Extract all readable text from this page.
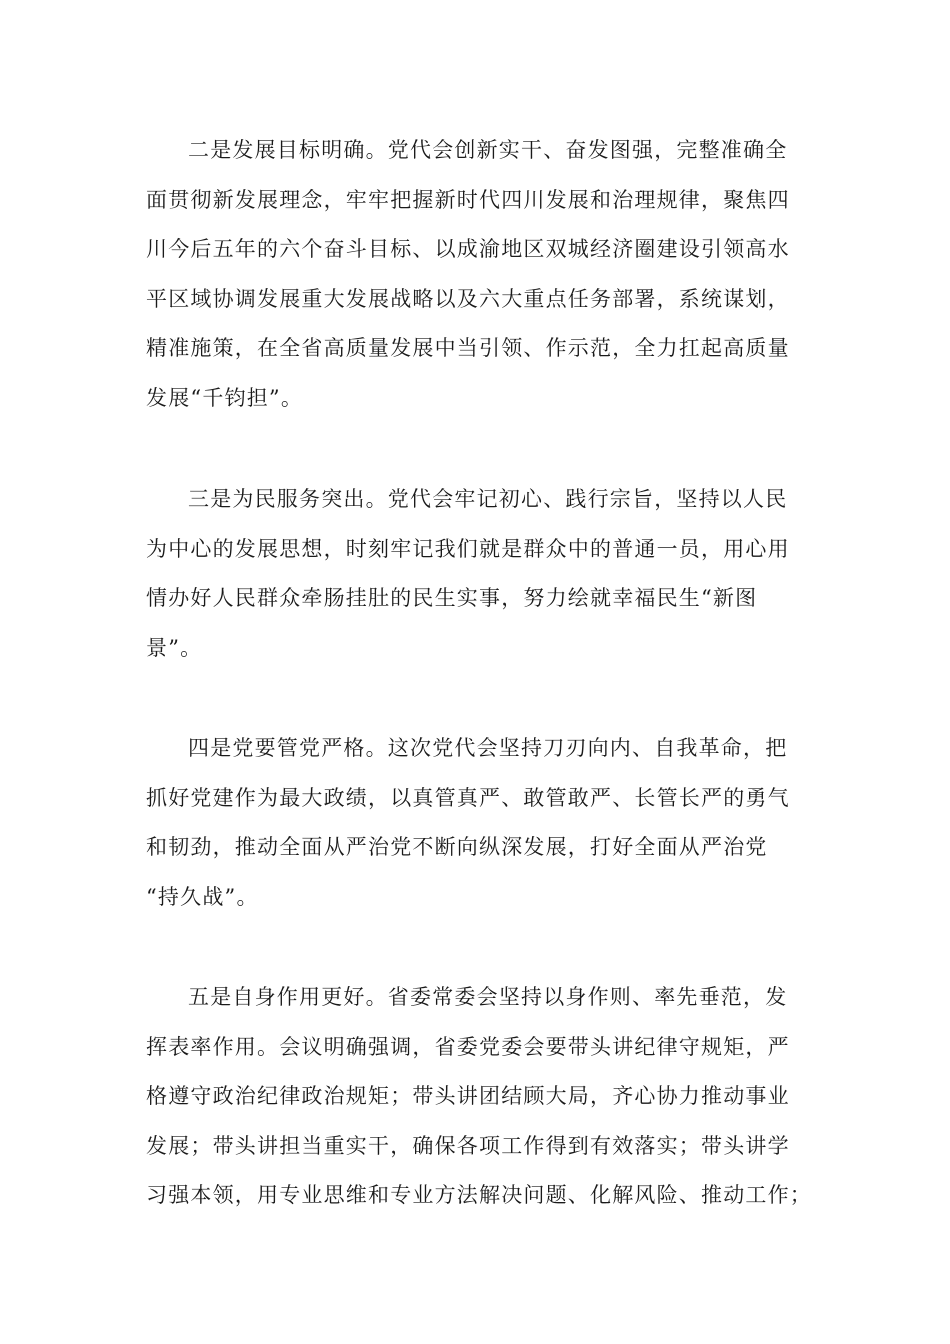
二是发展目标明确。党代会创新实干、奋发图强，完整准确全
面贯彻新发展理念，牢牢把握新时代四川发展和治理规律，聚焦四
川今后五年的六个奋斗目标、以成渝地区双城经济圈建设引领高水
平区域协调发展重大发展战略以及六大重点任务部署，系统谋划，
精准施策，在全省高质量发展中当引领、作示范，全力扛起高质量
发展“千钧担”。
三是为民服务突出。党代会牢记初心、践行宗旨，坚持以人民
为中心的发展思想，时刻牢记我们就是群众中的普通一员，用心用
情办好人民群众牵肠挂肚的民生实事，努力绘就幸福民生“新图
景”。
四是党要管党严格。这次党代会坚持刀刃向内、自我革命，把
抓好党建作为最大政绩，以真管真严、敢管敢严、长管长严的勇气
和韧劲，推动全面从严治党不断向纵深发展，打好全面从严治党
“持久战”。
五是自身作用更好。省委常委会坚持以身作则、率先垂范，发
挥表率作用。会议明确强调，省委党委会要带头讲纪律守规矩，严
格遵守政治纪律政治规矩；带头讲团结顾大局，齐心协力推动事业
发展；带头讲担当重实干，确保各项工作得到有效落实；带头讲学
习强本领，用专业思维和专业方法解决问题、化解风险、推动工作；
